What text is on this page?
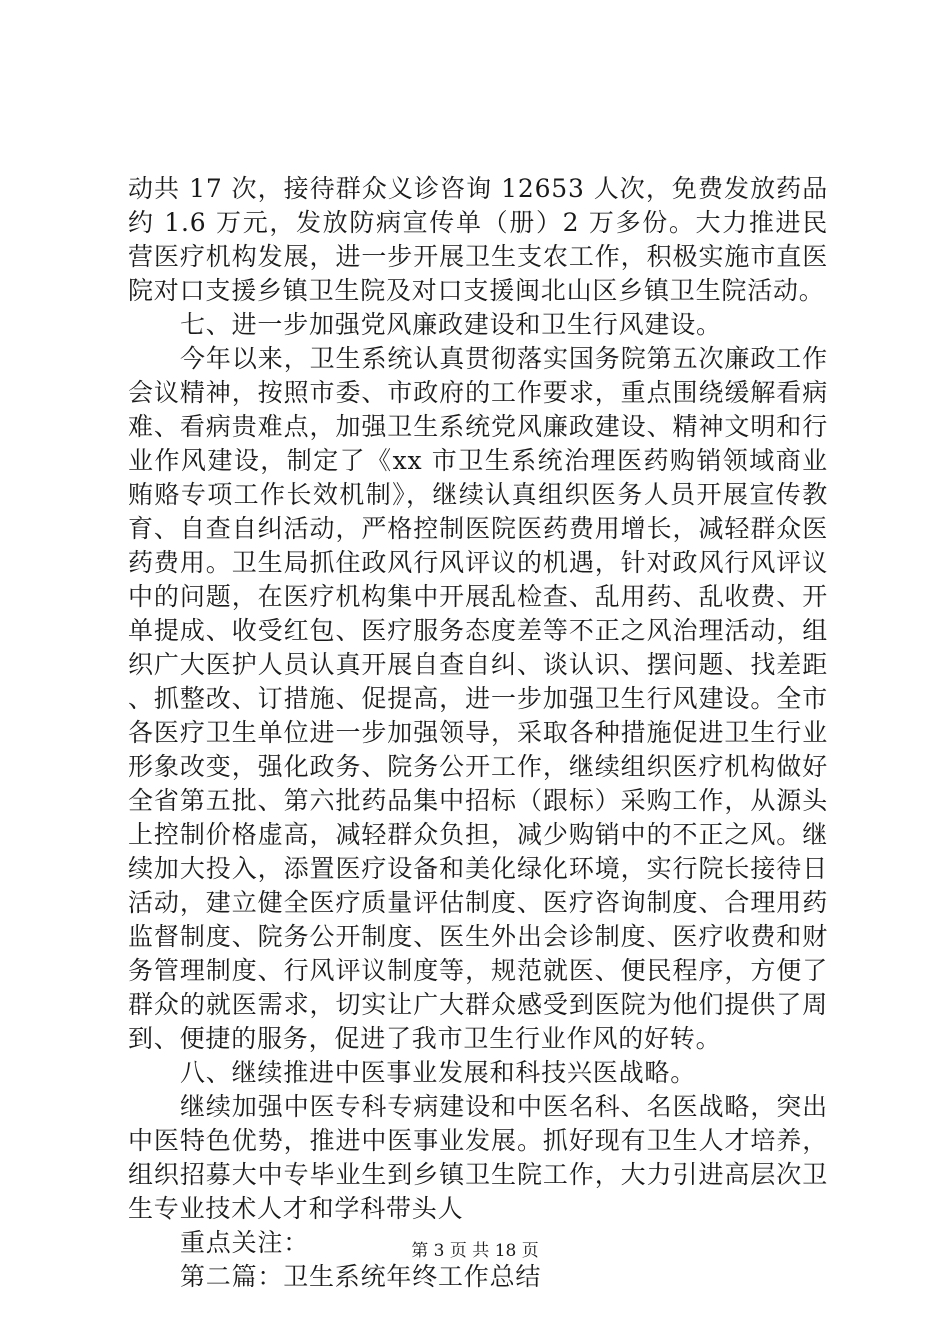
动共 17 次，接待群众义诊咨询 12653 人次，免费发放药品约 1.6 万元，发放防病宣传单（册）2 万多份。大力推进民营医疗机构发展，进一步开展卫生支农工作，积极实施市直医院对口支援乡镇卫生院及对口支援闽北山区乡镇卫生院活动。

七、进一步加强党风廉政建设和卫生行风建设。

今年以来，卫生系统认真贯彻落实国务院第五次廉政工作会议精神，按照市委、市政府的工作要求，重点围绕缓解看病难、看病贵难点，加强卫生系统党风廉政建设、精神文明和行业作风建设，制定了《xx 市卫生系统治理医药购销领域商业贿赂专项工作长效机制》，继续认真组织医务人员开展宣传教育、自查自纠活动，严格控制医院医药费用增长，减轻群众医药费用。卫生局抓住政风行风评议的机遇，针对政风行风评议中的问题，在医疗机构集中开展乱检查、乱用药、乱收费、开单提成、收受红包、医疗服务态度差等不正之风治理活动，组织广大医护人员认真开展自查自纠、谈认识、摆问题、找差距、抓整改、订措施、促提高，进一步加强卫生行风建设。全市各医疗卫生单位进一步加强领导，采取各种措施促进卫生行业形象改变，强化政务、院务公开工作，继续组织医疗机构做好全省第五批、第六批药品集中招标（跟标）采购工作，从源头上控制价格虚高，减轻群众负担，减少购销中的不正之风。继续加大投入，添置医疗设备和美化绿化环境，实行院长接待日活动，建立健全医疗质量评估制度、医疗咨询制度、合理用药监督制度、院务公开制度、医生外出会诊制度、医疗收费和财务管理制度、行风评议制度等，规范就医、便民程序，方便了群众的就医需求，切实让广大群众感受到医院为他们提供了周到、便捷的服务，促进了我市卫生行业作风的好转。

八、继续推进中医事业发展和科技兴医战略。

继续加强中医专科专病建设和中医名科、名医战略，突出中医特色优势，推进中医事业发展。抓好现有卫生人才培养，组织招募大中专毕业生到乡镇卫生院工作，大力引进高层次卫生专业技术人才和学科带头人

重点关注：

第二篇：卫生系统年终工作总结

第 3 页 共 18 页
